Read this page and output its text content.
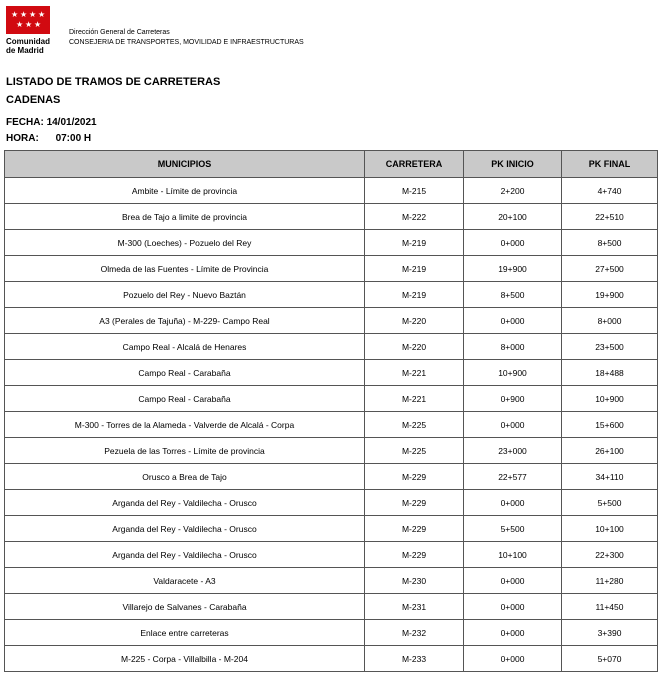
★ ★ ★ ★
★ ★ ★
Comunidad
de Madrid
Dirección General de Carreteras
CONSEJERIA DE TRANSPORTES, MOVILIDAD E INFRAESTRUCTURAS
LISTADO DE TRAMOS DE CARRETERAS
CADENAS
FECHA: 14/01/2021
HORA: 07:00 H
MUNICIPIOS	CARRETERA	PK INICIO	PK FINAL
Ambite - Límite de provincia	M-215	2+200	4+740
Brea de Tajo a limite de provincia	M-222	20+100	22+510
M-300 (Loeches) - Pozuelo del Rey	M-219	0+000	8+500
Olmeda de las Fuentes - Límite de Provincia	M-219	19+900	27+500
Pozuelo del Rey - Nuevo Baztán	M-219	8+500	19+900
A3 (Perales de Tajuña) - M-229- Campo Real	M-220	0+000	8+000
Campo Real - Alcalá de Henares	M-220	8+000	23+500
Campo Real - Carabaña	M-221	10+900	18+488
Campo Real - Carabaña	M-221	0+900	10+900
M-300 - Torres de la Alameda - Valverde de Alcalá - Corpa	M-225	0+000	15+600
Pezuela de las Torres - Límite de provincia	M-225	23+000	26+100
Orusco a Brea de Tajo	M-229	22+577	34+110
Arganda del Rey - Valdilecha - Orusco	M-229	0+000	5+500
Arganda del Rey - Valdilecha - Orusco	M-229	5+500	10+100
Arganda del Rey - Valdilecha - Orusco	M-229	10+100	22+300
Valdaracete - A3	M-230	0+000	11+280
Villarejo de Salvanes - Carabaña	M-231	0+000	11+450
Enlace entre carreteras	M-232	0+000	3+390
M-225 - Corpa - Villalbilla - M-204	M-233	0+000	5+070
